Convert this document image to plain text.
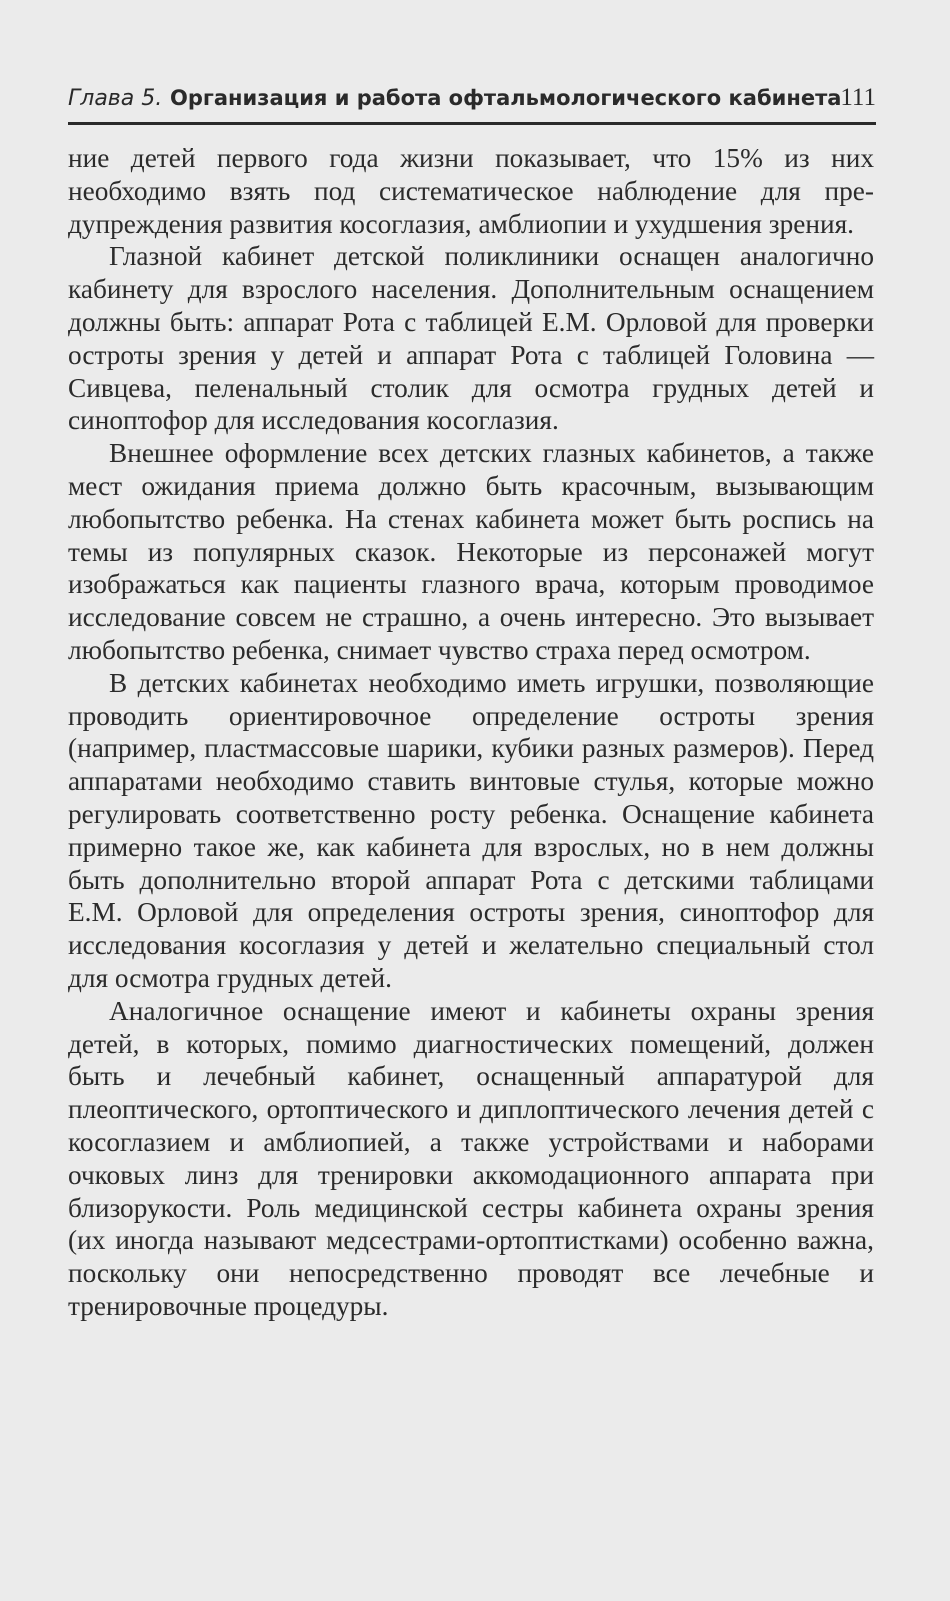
Глава 5. Организация и работа офтальмологического кабинета
111

ние детей первого года жизни показывает, что 15% из них необходимо взять под систематическое наблюдение для предупреждения развития косоглазия, амблиопии и ухудшения зрения.

Глазной кабинет детской поликлиники оснащен аналогично кабинету для взрослого населения. Дополнительным оснащением должны быть: аппарат Рота с таблицей Е.М. Орловой для проверки остроты зрения у детей и аппарат Рота с таблицей Головина — Сивцева, пеленальный столик для осмотра грудных детей и синоптофор для исследования косоглазия.

Внешнее оформление всех детских глазных кабинетов, а также мест ожидания приема должно быть красочным, вызывающим любопытство ребенка. На стенах кабинета может быть роспись на темы из популярных сказок. Некоторые из персонажей могут изображаться как пациенты глазного врача, которым проводимое исследование совсем не страшно, а очень интересно. Это вызывает любопытство ребенка, снимает чувство страха перед осмотром.

В детских кабинетах необходимо иметь игрушки, позволяющие проводить ориентировочное определение остроты зрения (например, пластмассовые шарики, кубики разных размеров). Перед аппаратами необходимо ставить винтовые стулья, которые можно регулировать соответственно росту ребенка. Оснащение кабинета примерно такое же, как кабинета для взрослых, но в нем должны быть дополнительно второй аппарат Рота с детскими таблицами Е.М. Орловой для определения остроты зрения, синоптофор для исследования косоглазия у детей и желательно специальный стол для осмотра грудных детей.

Аналогичное оснащение имеют и кабинеты охраны зрения детей, в которых, помимо диагностических помещений, должен быть и лечебный кабинет, оснащенный аппаратурой для плеоптического, ортоптического и диплоптического лечения детей с косоглазием и амблиопией, а также устройствами и наборами очковых линз для тренировки аккомодационного аппарата при близорукости. Роль медицинской сестры кабинета охраны зрения (их иногда называют медсестрами-ортоптистками) особенно важна, поскольку они непосредственно проводят все лечебные и тренировочные процедуры.
